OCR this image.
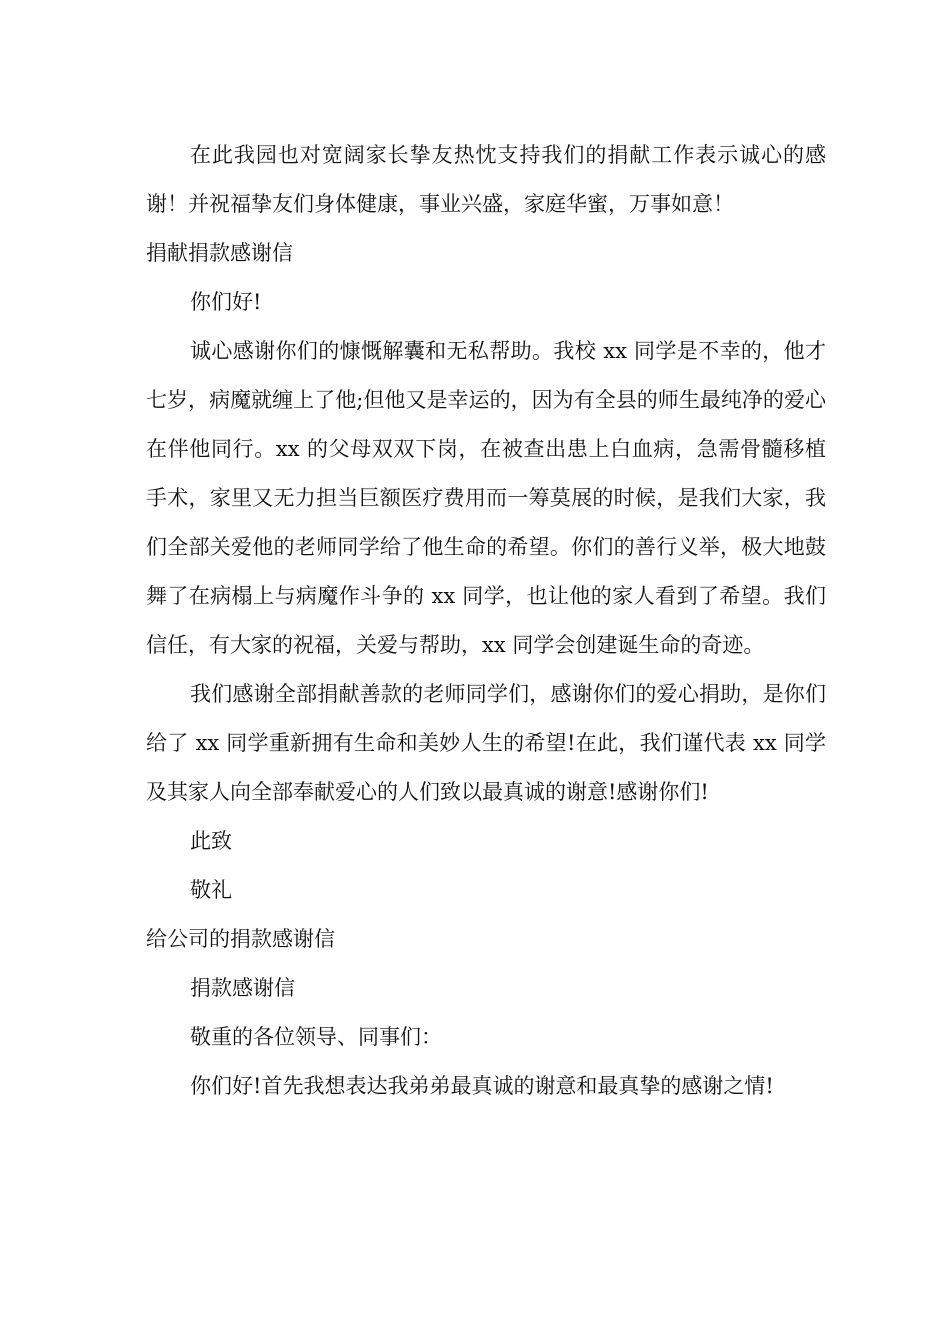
在此我园也对宽阔家长挚友热忱支持我们的捐献工作表示诚心的感谢！并祝福挚友们身体健康，事业兴盛，家庭华蜜，万事如意！

捐献捐款感谢信

你们好!

诚心感谢你们的慷慨解囊和无私帮助。我校 xx 同学是不幸的，他才七岁，病魔就缠上了他;但他又是幸运的，因为有全县的师生最纯净的爱心在伴他同行。xx 的父母双双下岗，在被查出患上白血病，急需骨髓移植手术，家里又无力担当巨额医疗费用而一筹莫展的时候，是我们大家，我们全部关爱他的老师同学给了他生命的希望。你们的善行义举，极大地鼓舞了在病榻上与病魔作斗争的 xx 同学，也让他的家人看到了希望。我们信任，有大家的祝福，关爱与帮助，xx 同学会创建诞生命的奇迹。

我们感谢全部捐献善款的老师同学们，感谢你们的爱心捐助，是你们给了 xx 同学重新拥有生命和美妙人生的希望!在此，我们谨代表 xx 同学及其家人向全部奉献爱心的人们致以最真诚的谢意!感谢你们!

此致

敬礼

给公司的捐款感谢信

捐款感谢信

敬重的各位领导、同事们：

你们好!首先我想表达我弟弟最真诚的谢意和最真挚的感谢之情!
